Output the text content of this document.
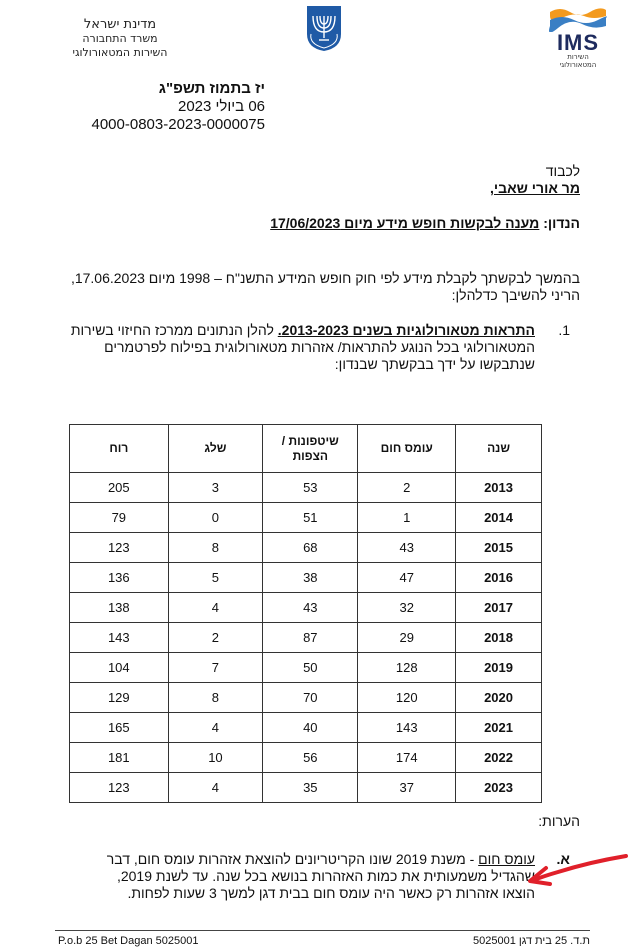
מדינת ישראל
משרד התחבורה
השירות המטאורולוגי	IMS
השירות המטאורולוגי
יז בתמוז תשפ"ג
06 ביולי 2023
4000-0803-2023-0000075
לכבוד
מר אורי שאבי,
הנדון: מענה לבקשות חופש מידע מיום 17/06/2023
בהמשך לבקשתך לקבלת מידע לפי חוק חופש המידע התשנ"ח – 1998 מיום 17.06.2023,
הריני להשיבך כדלהלן:
1.
התראות מטאורולוגיות בשנים 2013-2023. להלן הנתונים ממרכז החיזוי בשירות
המטאורולוגי בכל הנוגע להתראות/ אזהרות מטאורולוגית בפילוח לפרטמרים
שנתבקשו על ידך בבקשתך שבנדון:
שנה	עומס חום	שיטפונות / הצפות	שלג	רוח
2013	2	53	3	205
2014	1	51	0	79
2015	43	68	8	123
2016	47	38	5	136
2017	32	43	4	138
2018	29	87	2	143
2019	128	50	7	104
2020	120	70	8	129
2021	143	40	4	165
2022	174	56	10	181
2023	37	35	4	123
הערות:
א.
עומס חום - משנת 2019 שונו הקריטריונים להוצאת אזהרות עומס חום, דבר
שהגדיל משמעותית את כמות האזהרות בנושא בכל שנה. עד לשנת 2019,
הוצאו אזהרות רק כאשר היה עומס חום בבית דגן למשך 3 שעות לפחות.
P.o.b 25 Bet Dagan 5025001	ת.ד. 25 בית דגן 5025001
